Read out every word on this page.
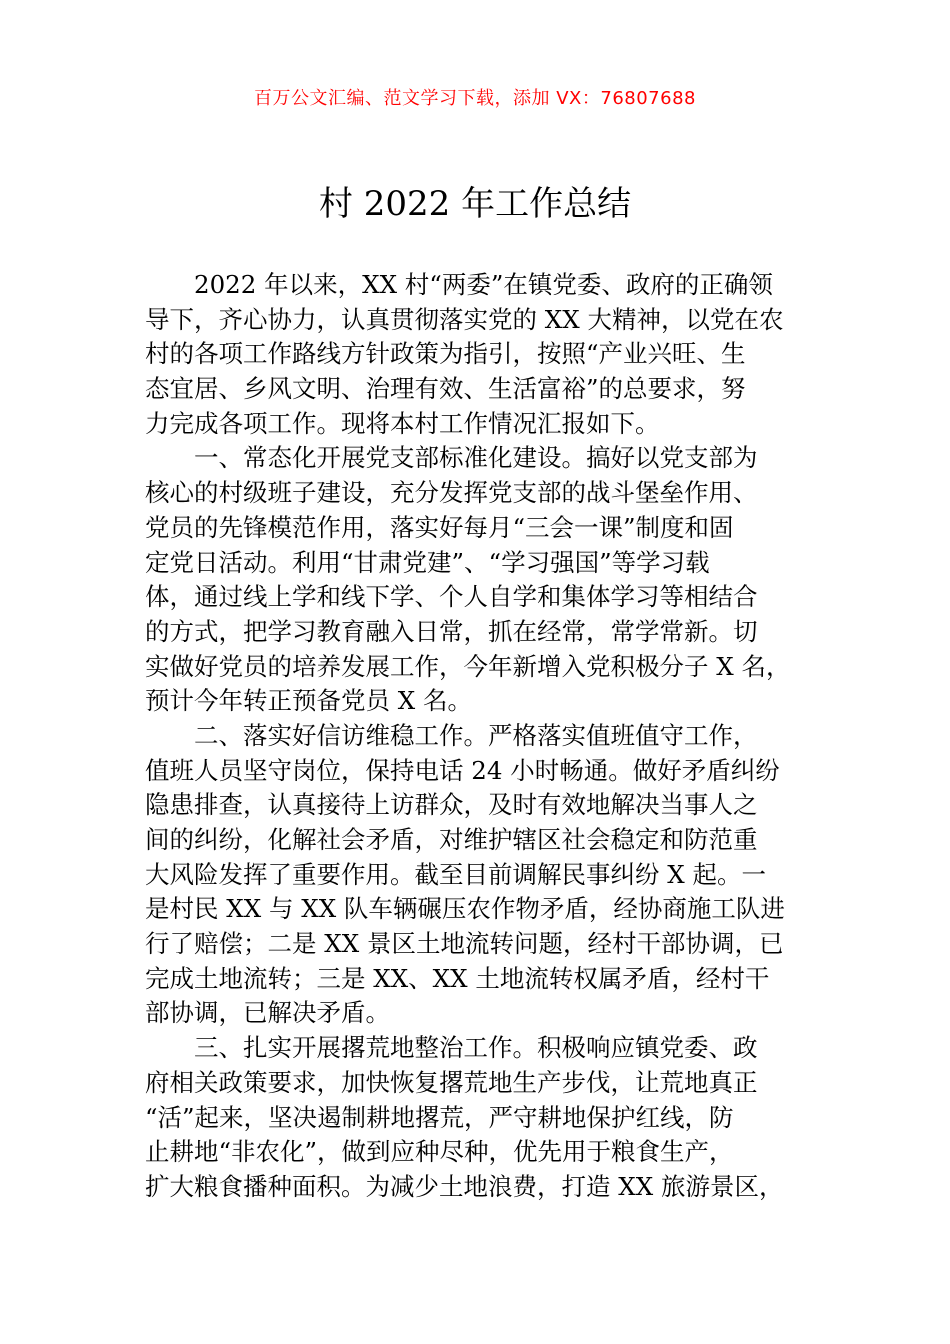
百万公文汇编、范文学习下载，添加 VX：76807688
村 2022 年工作总结
　　2022 年以来，XX 村“两委”在镇党委、政府的正确领
导下，齐心协力，认真贯彻落实党的 XX 大精神，以党在农
村的各项工作路线方针政策为指引，按照“产业兴旺、生
态宜居、乡风文明、治理有效、生活富裕”的总要求，努
力完成各项工作。现将本村工作情况汇报如下。
　　一、常态化开展党支部标准化建设。搞好以党支部为
核心的村级班子建设，充分发挥党支部的战斗堡垒作用、
党员的先锋模范作用，落实好每月“三会一课”制度和固
定党日活动。利用“甘肃党建”、“学习强国”等学习载
体，通过线上学和线下学、个人自学和集体学习等相结合
的方式，把学习教育融入日常，抓在经常，常学常新。切
实做好党员的培养发展工作，今年新增入党积极分子 X 名，
预计今年转正预备党员 X 名。
　　二、落实好信访维稳工作。严格落实值班值守工作，
值班人员坚守岗位，保持电话 24 小时畅通。做好矛盾纠纷
隐患排查，认真接待上访群众，及时有效地解决当事人之
间的纠纷，化解社会矛盾，对维护辖区社会稳定和防范重
大风险发挥了重要作用。截至目前调解民事纠纷 X 起。一
是村民 XX 与 XX 队车辆碾压农作物矛盾，经协商施工队进
行了赔偿；二是 XX 景区土地流转问题，经村干部协调，已
完成土地流转；三是 XX、XX 土地流转权属矛盾，经村干
部协调，已解决矛盾。
　　三、扎实开展撂荒地整治工作。积极响应镇党委、政
府相关政策要求，加快恢复撂荒地生产步伐，让荒地真正
“活”起来，坚决遏制耕地撂荒，严守耕地保护红线，防
止耕地“非农化”，做到应种尽种，优先用于粮食生产，
扩大粮食播种面积。为减少土地浪费，打造 XX 旅游景区，
